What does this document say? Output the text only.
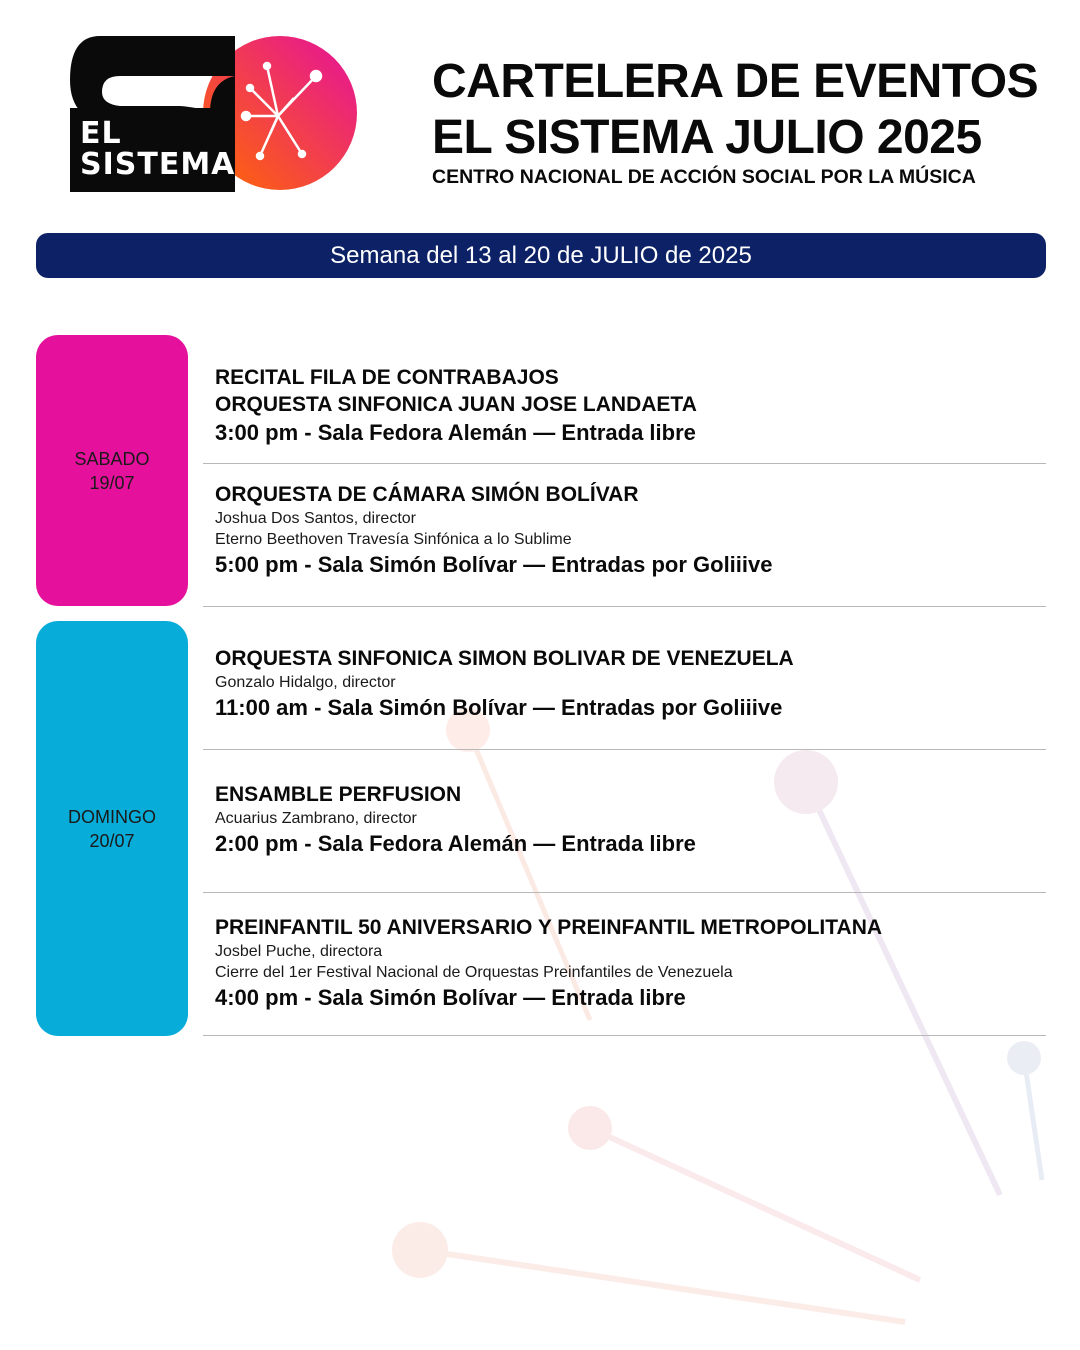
EL
SISTEMA
CARTELERA DE EVENTOS
EL SISTEMA JULIO 2025
CENTRO NACIONAL DE ACCIÓN SOCIAL POR LA MÚSICA
Semana del 13 al 20 de JULIO de 2025
SABADO
19/07
DOMINGO
20/07
RECITAL FILA DE CONTRABAJOS
ORQUESTA SINFONICA JUAN JOSE LANDAETA
3:00 pm - Sala Fedora Alemán — Entrada libre
ORQUESTA DE CÁMARA SIMÓN BOLÍVAR
Joshua Dos Santos, director
Eterno Beethoven Travesía Sinfónica a lo Sublime
5:00 pm - Sala Simón Bolívar — Entradas por Goliiive
ORQUESTA SINFONICA SIMON BOLIVAR DE VENEZUELA
Gonzalo Hidalgo, director
11:00 am - Sala Simón Bolívar — Entradas por Goliiive
ENSAMBLE PERFUSION
Acuarius Zambrano, director
2:00 pm - Sala Fedora Alemán — Entrada libre
PREINFANTIL 50 ANIVERSARIO Y PREINFANTIL METROPOLITANA
Josbel Puche, directora
Cierre del 1er Festival Nacional de Orquestas Preinfantiles de Venezuela
4:00 pm - Sala Simón Bolívar — Entrada libre
